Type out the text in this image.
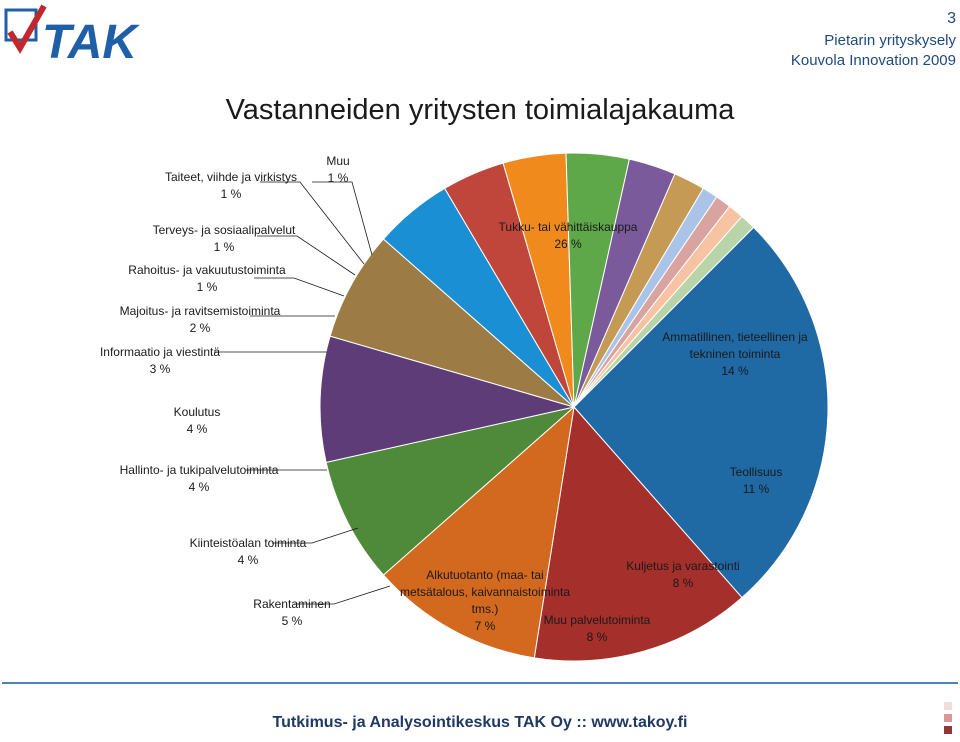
TAK	3
Pietarin yrityskysely
Kouvola Innovation 2009
Vastanneiden yritysten toimialajakauma
Tukku- tai vähittäiskauppa 26 %
Ammatillinen, tieteellinen ja tekninen toiminta 14 %
Teollisuus 11 %
Kuljetus ja varastointi 8 %
Muu palvelutoiminta 8 %
Alkutuotanto (maa- tai metsätalous, kaivannaistoiminta tms.) 7 %
Rakentaminen 5 %
Kiinteistöalan toiminta 4 %
Hallinto- ja tukipalvelutoiminta 4 %
Koulutus 4 %
Informaatio ja viestintä 3 %
Majoitus- ja ravitsemistoiminta 2 %
Rahoitus- ja vakuutustoiminta 1 %
Terveys- ja sosiaalipalvelut 1 %
Taiteet, viihde ja virkistys 1 %
Muu 1 %
Tutkimus- ja Analysointikeskus TAK Oy :: www.takoy.fi
